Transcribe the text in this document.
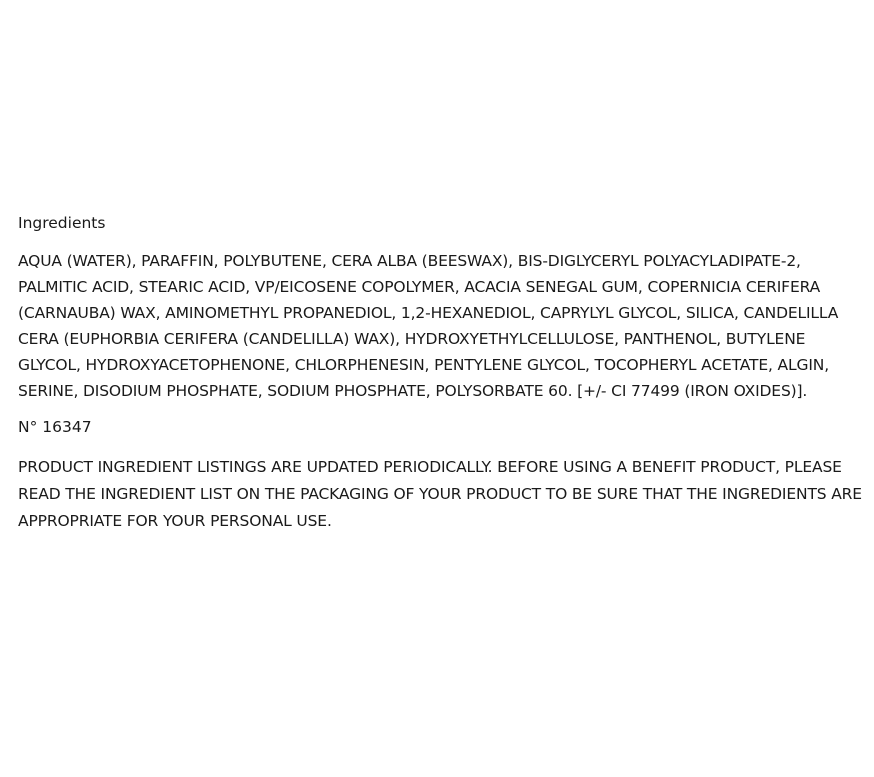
Ingredients

AQUA (WATER), PARAFFIN, POLYBUTENE, CERA ALBA (BEESWAX), BIS-DIGLYCERYL POLYACYLADIPATE-2, PALMITIC ACID, STEARIC ACID, VP/EICOSENE COPOLYMER, ACACIA SENEGAL GUM, COPERNICIA CERIFERA (CARNAUBA) WAX, AMINOMETHYL PROPANEDIOL, 1,2-HEXANEDIOL, CAPRYLYL GLYCOL, SILICA, CANDELILLA CERA (EUPHORBIA CERIFERA (CANDELILLA) WAX), HYDROXYETHYLCELLULOSE, PANTHENOL, BUTYLENE GLYCOL, HYDROXYACETOPHENONE, CHLORPHENESIN, PENTYLENE GLYCOL, TOCOPHERYL ACETATE, ALGIN, SERINE, DISODIUM PHOSPHATE, SODIUM PHOSPHATE, POLYSORBATE 60. [+/- CI 77499 (IRON OXIDES)].

N° 16347

PRODUCT INGREDIENT LISTINGS ARE UPDATED PERIODICALLY. BEFORE USING A BENEFIT PRODUCT, PLEASE READ THE INGREDIENT LIST ON THE PACKAGING OF YOUR PRODUCT TO BE SURE THAT THE INGREDIENTS ARE APPROPRIATE FOR YOUR PERSONAL USE.
